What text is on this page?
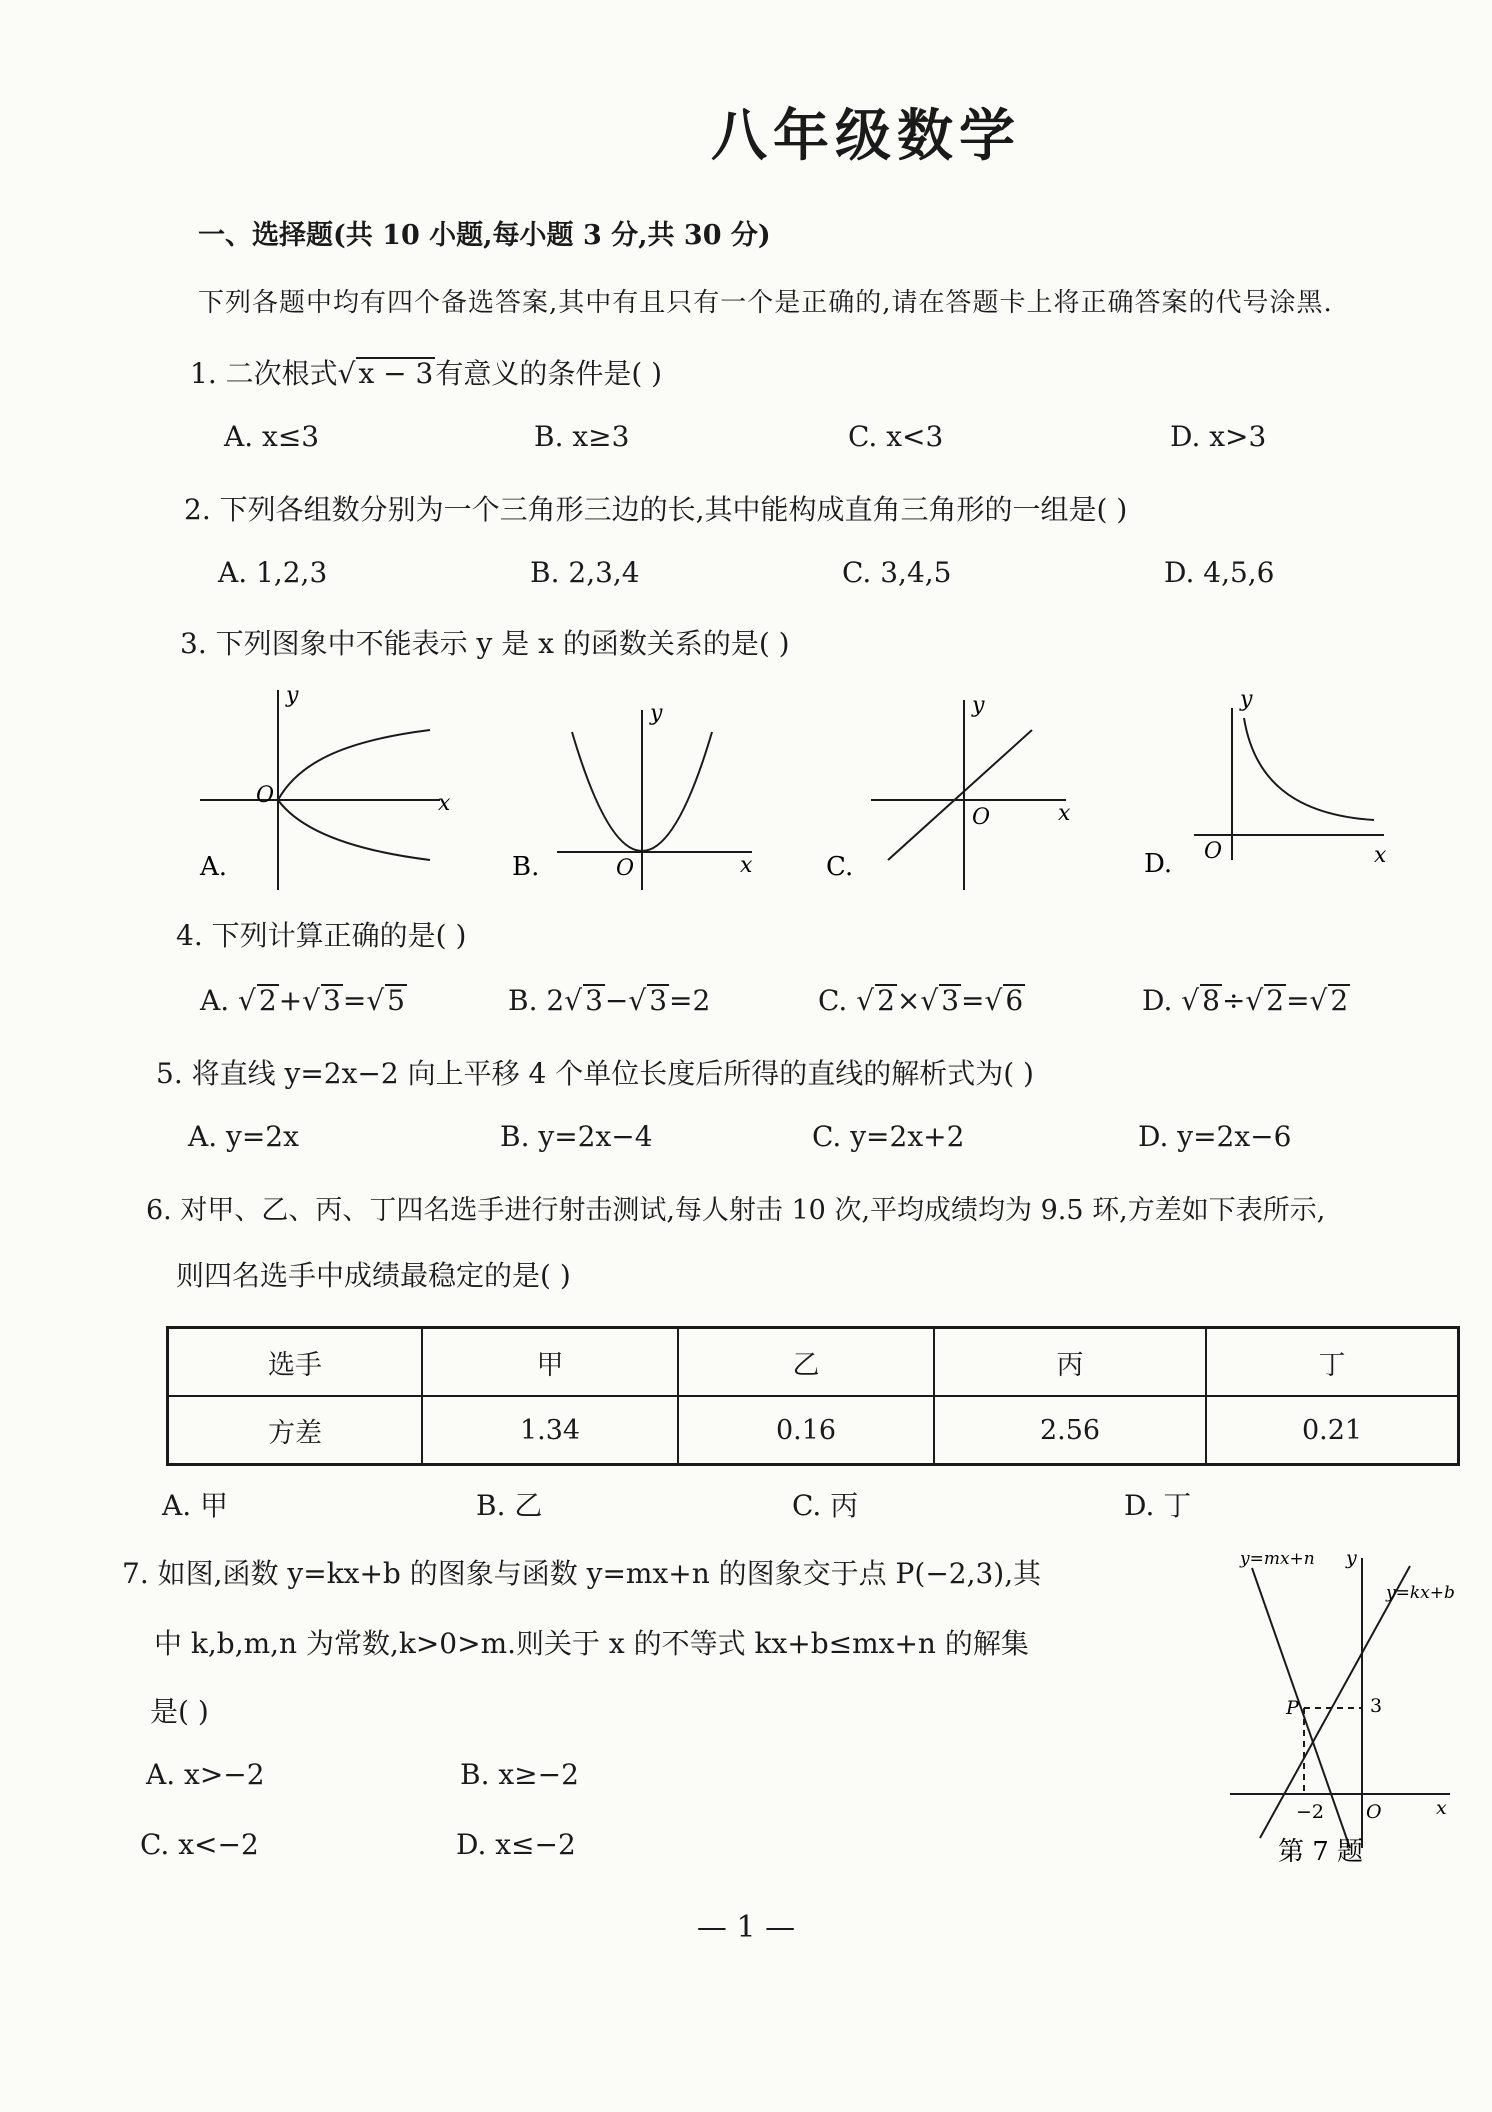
八年级数学
一、选择题(共 10 小题,每小题 3 分,共 30 分)
下列各题中均有四个备选答案,其中有且只有一个是正确的,请在答题卡上将正确答案的代号涂黑.
1. 二次根式 √ x − 3有意义的条件是( )
A. x≤3	B. x≥3	C. x<3	D. x>3
2. 下列各组数分别为一个三角形三边的长,其中能构成直角三角形的一组是( )
A. 1,2,3	B. 2,3,4	C. 3,4,5	D. 4,5,6
3. 下列图象中不能表示 y 是 x 的函数关系的是( )
y
x
O
A.
y
x
O
B.
y
x
O
C.
y
x
O
D.
4. 下列计算正确的是( )
A. √ 2+ √ 3= √ 5	B. 2 √ 3− √ 3=2	C. √ 2× √ 3= √ 6	D. √ 8÷ √ 2= √ 2
5. 将直线 y=2x−2 向上平移 4 个单位长度后所得的直线的解析式为( )
A. y=2x	B. y=2x−4	C. y=2x+2	D. y=2x−6
6. 对甲、乙、丙、丁四名选手进行射击测试,每人射击 10 次,平均成绩均为 9.5 环,方差如下表所示,
则四名选手中成绩最稳定的是( )
选手	甲	乙	丙	丁
方差	1.34	0.16	2.56	0.21
A. 甲	B. 乙	C. 丙	D. 丁
7. 如图,函数 y=kx+b 的图象与函数 y=mx+n 的图象交于点 P(−2,3),其
中 k,b,m,n 为常数,k>0>m.则关于 x 的不等式 kx+b≤mx+n 的解集
是( )
A. x>−2	B. x≥−2
C. x<−2	D. x≤−2
y=mx+n
y=kx+b
P	3
−2 O	x
y
第 7 题
— 1 —
